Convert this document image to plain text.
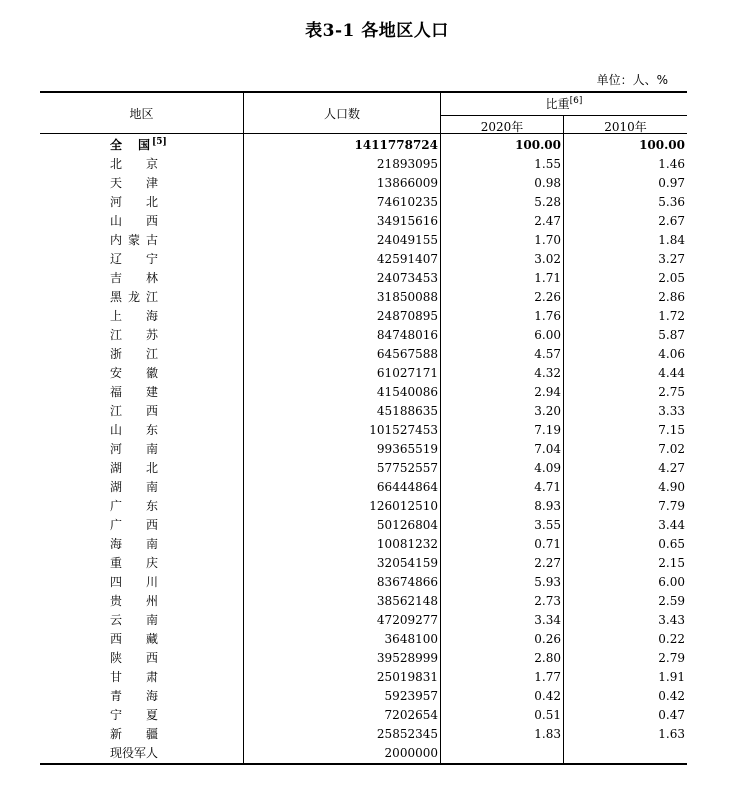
表3-1 各地区人口
单位：人、%
地区	人口数
比重[6]
2020年	2010年
全 国 [5]	1411778724	100.00	100.00
北京	21893095	1.55	1.46
天津	13866009	0.98	0.97
河北	74610235	5.28	5.36
山西	34915616	2.47	2.67
内蒙古	24049155	1.70	1.84
辽宁	42591407	3.02	3.27
吉林	24073453	1.71	2.05
黑龙江	31850088	2.26	2.86
上海	24870895	1.76	1.72
江苏	84748016	6.00	5.87
浙江	64567588	4.57	4.06
安徽	61027171	4.32	4.44
福建	41540086	2.94	2.75
江西	45188635	3.20	3.33
山东	101527453	7.19	7.15
河南	99365519	7.04	7.02
湖北	57752557	4.09	4.27
湖南	66444864	4.71	4.90
广东	126012510	8.93	7.79
广西	50126804	3.55	3.44
海南	10081232	0.71	0.65
重庆	32054159	2.27	2.15
四川	83674866	5.93	6.00
贵州	38562148	2.73	2.59
云南	47209277	3.34	3.43
西藏	3648100	0.26	0.22
陕西	39528999	2.80	2.79
甘肃	25019831	1.77	1.91
青海	5923957	0.42	0.42
宁夏	7202654	0.51	0.47
新疆	25852345	1.83	1.63
现役军人	2000000
